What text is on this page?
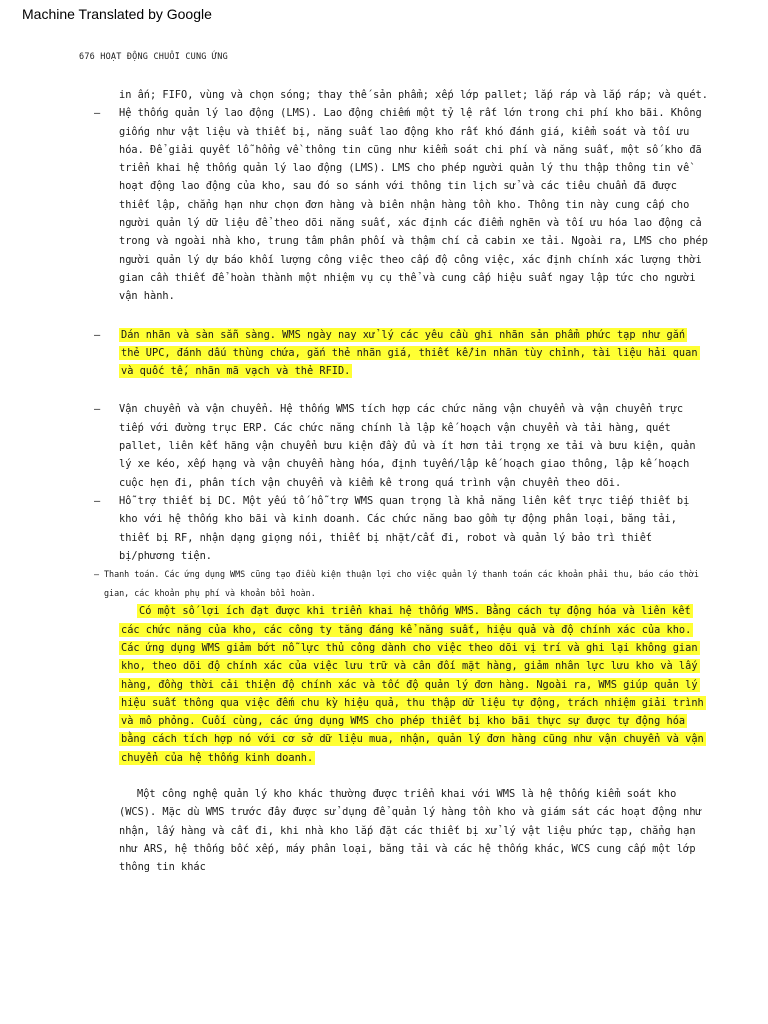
Machine Translated by Google
676 HOẠT ĐỘNG CHUỖI CUNG ỨNG
in ấn; FIFO, vùng và chọn sóng; thay thế sản phẩm; xếp lớp pallet; lắp ráp và lắp ráp; và quét.
– Hệ thống quản lý lao động (LMS). Lao động chiếm một tỷ lệ rất lớn trong chi phí kho bãi. Không giống như vật liệu và thiết bị, năng suất lao động kho rất khó đánh giá, kiểm soát và tối ưu hóa. Để giải quyết lỗ hổng về thông tin cũng như kiểm soát chi phí và năng suất, một số kho đã triển khai hệ thống quản lý lao động (LMS). LMS cho phép người quản lý thu thập thông tin về hoạt động lao động của kho, sau đó so sánh với thông tin lịch sử và các tiêu chuẩn đã được thiết lập, chẳng hạn như chọn đơn hàng và biên nhận hàng tồn kho. Thông tin này cung cấp cho người quản lý dữ liệu để theo dõi năng suất, xác định các điểm nghẽn và tối ưu hóa lao động cả trong và ngoài nhà kho, trung tâm phân phối và thậm chí cả cabin xe tải. Ngoài ra, LMS cho phép người quản lý dự báo khối lượng công việc theo cấp độ công việc, xác định chính xác lượng thời gian cần thiết để hoàn thành một nhiệm vụ cụ thể và cung cấp hiệu suất ngay lập tức cho người vận hành.
– Dán nhãn và sàn sẵn sàng. WMS ngày nay xử lý các yêu cầu ghi nhãn sản phẩm phức tạp như gắn thẻ UPC, đánh dấu thùng chứa, gắn thẻ nhãn giá, thiết kế/in nhãn tùy chỉnh, tài liệu hải quan và quốc tế, nhãn mã vạch và thẻ RFID.
– Vận chuyển và vận chuyển. Hệ thống WMS tích hợp các chức năng vận chuyển và vận chuyển trực tiếp với đường trục ERP. Các chức năng chính là lập kế hoạch vận chuyển và tải hàng, quét pallet, liên kết hãng vận chuyển bưu kiện đầy đủ và ít hơn tải trọng xe tải và bưu kiện, quản lý xe kéo, xếp hạng và vận chuyển hàng hóa, định tuyến/lập kế hoạch giao thông, lập kế hoạch cuộc hẹn đi, phân tích vận chuyển và kiểm kê trong quá trình vận chuyển theo dõi.
– Hỗ trợ thiết bị DC. Một yếu tố hỗ trợ WMS quan trọng là khả năng liên kết trực tiếp thiết bị kho với hệ thống kho bãi và kinh doanh. Các chức năng bao gồm tự động phân loại, băng tải, thiết bị RF, nhận dạng giọng nói, thiết bị nhặt/cất đi, robot và quản lý bảo trì thiết bị/phương tiện.
– Thanh toán. Các ứng dụng WMS cũng tạo điều kiện thuận lợi cho việc quản lý thanh toán các khoản phải thu, báo cáo thời gian, các khoản phụ phí và khoản bồi hoàn.
Có một số lợi ích đạt được khi triển khai hệ thống WMS. Bằng cách tự động hóa và liên kết các chức năng của kho, các công ty tăng đáng kể năng suất, hiệu quả và độ chính xác của kho. Các ứng dụng WMS giảm bớt nỗ lực thủ công dành cho việc theo dõi vị trí và ghi lại không gian kho, theo dõi độ chính xác của việc lưu trữ và cân đối mặt hàng, giảm nhân lực lưu kho và lấy hàng, đồng thời cải thiện độ chính xác và tốc độ quản lý đơn hàng. Ngoài ra, WMS giúp quản lý hiệu suất thông qua việc đếm chu kỳ hiệu quả, thu thập dữ liệu tự động, trách nhiệm giải trình và mô phỏng. Cuối cùng, các ứng dụng WMS cho phép thiết bị kho bãi thực sự được tự động hóa bằng cách tích hợp nó với cơ sở dữ liệu mua, nhận, quản lý đơn hàng cũng như vận chuyển và vận chuyển của hệ thống kinh doanh.
Một công nghệ quản lý kho khác thường được triển khai với WMS là hệ thống kiểm soát kho (WCS). Mặc dù WMS trước đây được sử dụng để quản lý hàng tồn kho và giám sát các hoạt động như nhận, lấy hàng và cất đi, khi nhà kho lắp đặt các thiết bị xử lý vật liệu phức tạp, chẳng hạn như ARS, hệ thống bốc xếp, máy phân loại, băng tải và các hệ thống khác, WCS cung cấp một lớp thông tin khác
